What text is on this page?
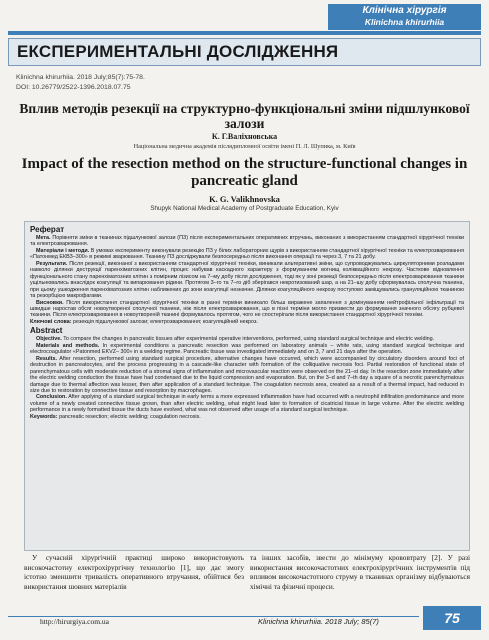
Клінічна хірургія
Klinichna khirurhiia
ЕКСПЕРИМЕНТАЛЬНІ ДОСЛІДЖЕННЯ
Klinichna khirurhiia. 2018 July;85(7):75-78.
DOI: 10.26779/2522-1396.2018.07.75
Вплив методів резекції на структурно-функціональні зміни підшлункової залози
К. Г.Валіхновська
Національна медична академія післядипломної освіти імені П. Л. Шупика, м. Київ
Impact of the resection method on the structure-functional changes in pancreatic gland
K. G. Valikhnovska
Shupyk National Medical Academy of Postgraduate Education, Kyiv
Реферат

Мета. Порівняти зміни в тканинах підшлункової залози (ПЗ) після експериментальних оперативних втручань, виконаних з використанням стандартної хірургічної техніки та електрозварювання.

Матеріали і методи. В умовах експерименту виконували резекцію ПЗ у білих лабораторних щурів з використанням стандартної хірургічної техніки та електрозварювання «Патонмед ЕКВЗ–300» в режимі зварювання. Тканину ПЗ досліджували безпосередньо після виконання операції та через 3, 7 та 21 добу.

Результати. Після резекції, виконаної з використанням стандартної хірургічної техніки, виникали альтеративні зміни, що супроводжувались циркуляторними розладами навколо ділянки деструкції паренхіматозних клітин, процес набував каскадного характеру з формуванням вогнищ колікваційного некрозу. Часткове відновлення функціонального стану паренхіматозних клітин з помірним лізисом на 7–му добу після дослідження, тоді як у зоні резекції безпосередньо після електрозварювання тканини ущільнювались внаслідок коагуляції та випарювання рідини. Протягом 3–го та 7–го діб зберігався некротизований шар, а на 21–шу добу сформувалась сполучна тканина, при цьому ушкодження паренхіматозних клітин наближених до зони коагуляції незначне. Ділянки коагуляційного некрозу поступово заміщувались грануляційною тканиною та резорбцією макрофагами.

Висновки. Після використання стандартної хірургічної техніки в ранні терміни виникало більш виражене запалення з домінуванням нейтрофільної інфільтрації та швидше наростав обсяг новоутвореної сполучної тканини, ніж після електрозварювання, що в пізні терміни могло призвести до формування значного обсягу рубцевої тканини. Після електрозварювання в новоутвореній тканині формувалось протягом, чого не спостерігали після використання стандартної хірургічної техніки.

Ключові слова: резекція підшлункової залози; електрозварювання; коагуляційний некроз.

Abstract

Objective. To compare the changes in pancreatic tissues after experimental operative interventions, performed, using standard surgical technique and electric welding.

Materials and methods. In experimental conditions a pancreatic resection was performed on laboratory animals – white rats, using standard surgical technique and electrocoagulator «Patonmed EKVZ– 300» in a welding regime. Pancreatic tissue was investigated immediately and on 3, 7 and 21 days after the operation.

Results. After resection, performed using standard surgical procedure, alternative changes have occurred, which were accompanied by circulatory disorders around foci of destruction in pancreatocytes, and the process progressing in a cascade-like character with formation of the colliquative necrosis foci. Partial restoration of functional state of parenchymatous cells with moderate reduction of a stromal signs of inflammation and microvascular reaction were observed on the 21–st day. In the resection zone immediately after the electric welding conduction the tissue have had condensed due to the liquid compression and evaporation. But, on the 3–d and 7–th day a square of a necrotic parenchymatous damage due to thermal affection was lesser, then after application of a standard technique. The coagulation necrosis area, created as a result of a thermal impact, had reduced in size due to restoration by connective tissue and resorption by macrophages.

Conclusion. After applying of a standard surgical technique in early terms a more expressed inflammation have had occurred with a neutrophil infiltration predominance and more volume of a newly created connective tissue grown, than after electric welding, what might lead later to formation of cicatricial tissue in large volume. After the electric welding performance in a newly formatted tissue the ducts have evolved, what was not observed after usage of a standard surgical technique.

Keywords: pancreatic resection; electric welding; coagulation necrosis.

У сучасній хірургічній практиці широко використовують високочастотну електрохірургічну технологію [1], що дає змогу істотно зменшити тривалість оперативного втручання, обійтися без використання шовних матеріалів
та інших засобів, звести до мінімуму крововтрату [2]. У разі використання високочастотних електрохірургічних інструментів під впливом високочастотного струму в тканинах організму відбуваються хімічні та фізичні процеси.
http://hirurgiya.com.ua	Klinichna khirurhiia. 2018 July; 85(7)	75
